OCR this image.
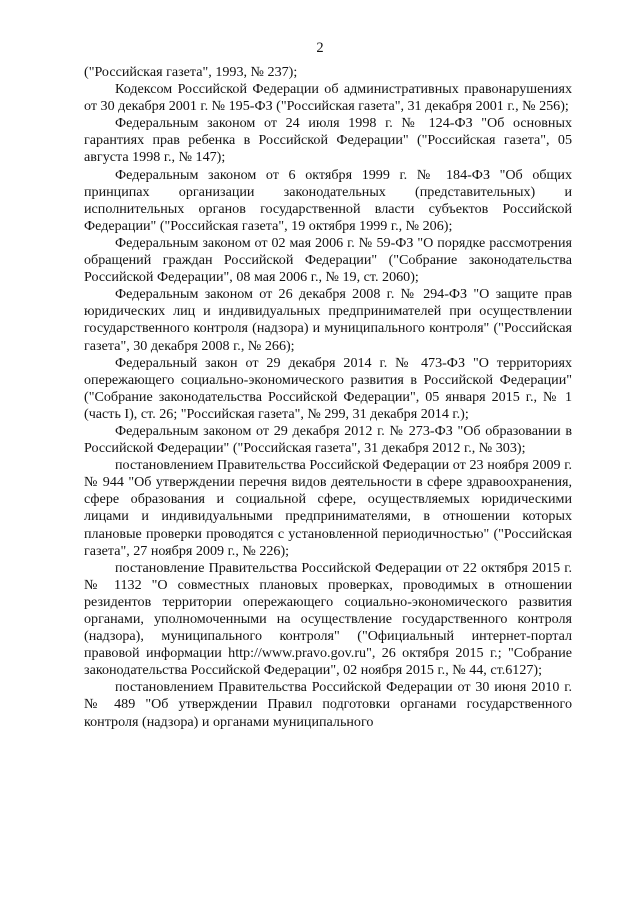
2

("Российская газета", 1993, № 237);

Кодексом Российской Федерации об административных правонарушениях от 30 декабря 2001 г. № 195-ФЗ ("Российская газета", 31 декабря 2001 г., № 256);

Федеральным законом от 24 июля 1998 г. № 124-ФЗ "Об основных гарантиях прав ребенка в Российской Федерации" ("Российская газета", 05 августа 1998 г., № 147);

Федеральным законом от 6 октября 1999 г. № 184-ФЗ "Об общих принципах организации законодательных (представительных) и исполнительных органов государственной власти субъектов Российской Федерации" ("Российская газета", 19 октября 1999 г., № 206);

Федеральным законом от 02 мая 2006 г. № 59-ФЗ "О порядке рассмотрения обращений граждан Российской Федерации" ("Собрание законодательства Российской Федерации", 08 мая 2006 г., № 19, ст. 2060);

Федеральным законом от 26 декабря 2008 г. № 294-ФЗ "О защите прав юридических лиц и индивидуальных предпринимателей при осуществлении государственного контроля (надзора) и муниципального контроля" ("Российская газета", 30 декабря 2008 г., № 266);

Федеральный закон от 29 декабря 2014 г. № 473-ФЗ "О территориях опережающего социально-экономического развития в Российской Федерации" ("Собрание законодательства Российской Федерации", 05 января 2015 г., № 1 (часть I), ст. 26; "Российская газета", № 299, 31 декабря 2014 г.);

Федеральным законом от 29 декабря 2012 г. № 273-ФЗ "Об образовании в Российской Федерации" ("Российская газета", 31 декабря 2012 г., № 303);

постановлением Правительства Российской Федерации от 23 ноября 2009 г. № 944 "Об утверждении перечня видов деятельности в сфере здравоохранения, сфере образования и социальной сфере, осуществляемых юридическими лицами и индивидуальными предпринимателями, в отношении которых плановые проверки проводятся с установленной периодичностью" ("Российская газета", 27 ноября 2009 г., № 226);

постановление Правительства Российской Федерации от 22 октября 2015 г. № 1132 "О совместных плановых проверках, проводимых в отношении резидентов территории опережающего социально-экономического развития органами, уполномоченными на осуществление государственного контроля (надзора), муниципального контроля" ("Официальный интернет-портал правовой информации http://www.pravo.gov.ru", 26 октября 2015 г.; "Собрание законодательства Российской Федерации", 02 ноября 2015 г., № 44, ст.6127);

постановлением Правительства Российской Федерации от 30 июня 2010 г. № 489 "Об утверждении Правил подготовки органами государственного контроля (надзора) и органами муниципального
